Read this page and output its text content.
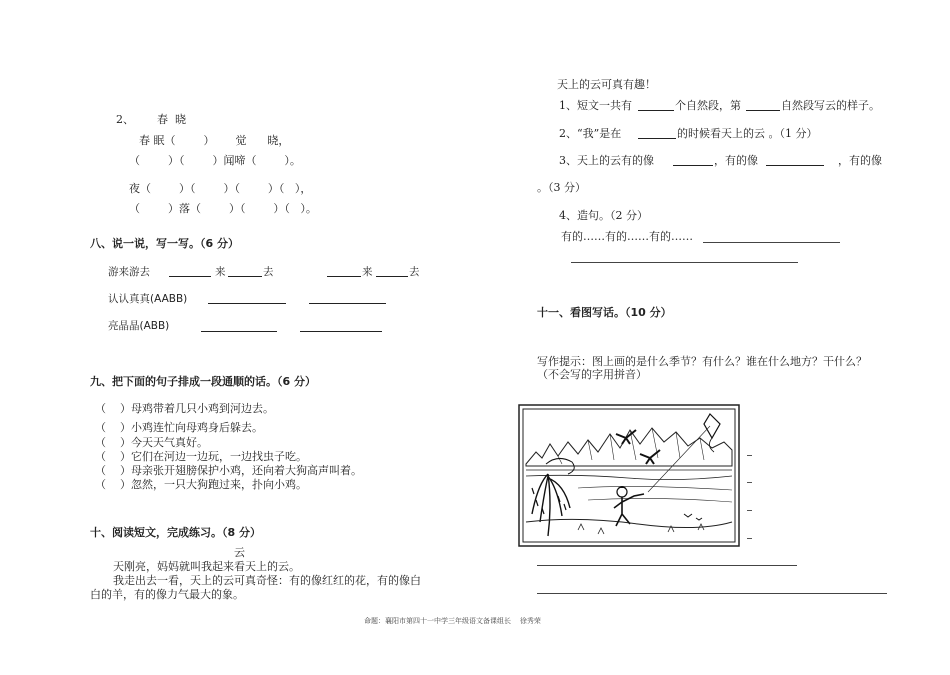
2、 春  晓
春 眠（        ）      觉      晓，
（        ）（        ）闻啼（        ）。
夜（        ）（        ）（        ）（   ），
（        ）落（        ）（        ）（   ）。
八、说一说，写一写。（6 分）
游来游去	来	去	来	去
认认真真(AABB)
亮晶晶(ABB)
九、把下面的句子排成一段通顺的话。（6 分）
（    ）母鸡带着几只小鸡到河边去。
（    ）小鸡连忙向母鸡身后躲去。
（    ）今天天气真好。
（    ）它们在河边一边玩，一边找虫子吃。
（    ）母亲张开翅膀保护小鸡，还向着大狗高声叫着。
（    ）忽然，一只大狗跑过来，扑向小鸡。
十、阅读短文，完成练习。（8 分）
云
天刚亮，妈妈就叫我起来看天上的云。
我走出去一看，天上的云可真奇怪：有的像红红的花，有的像白
白的羊，有的像力气最大的象。
天上的云可真有趣！
1、短文一共有	个自然段，第	自然段写云的样子。
2、“我”是在	的时候看天上的云 。（1 分）
3、天上的云有的像	，有的像	，有的像
。（3 分）
4、造句。（2 分）
有的……有的……有的……
十一、看图写话。（10 分）
写作提示：图上画的是什么季节？有什么？谁在什么地方？干什么？
（不会写的字用拼音）
命题：襄阳市第四十一中学三年级语文备课组长    徐秀荣
